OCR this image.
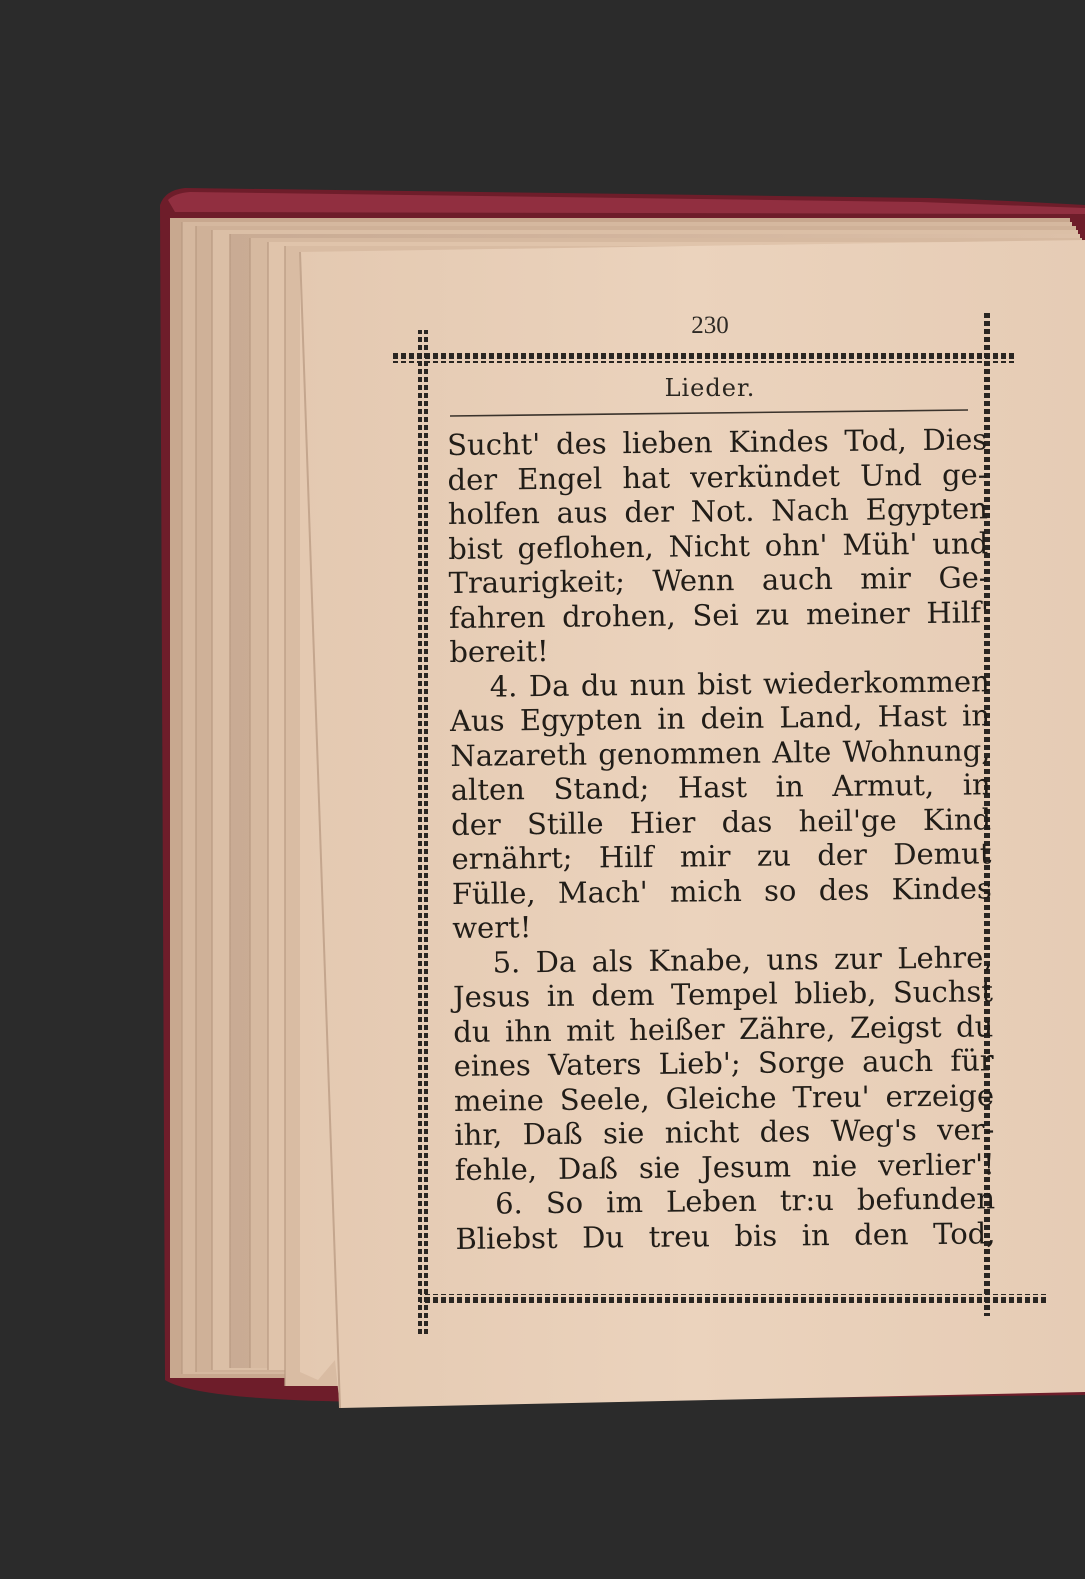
230
Lieder.
Sucht' des lieben Kindes Tod, Dies
der Engel hat verkündet Und ge-
holfen aus der Not. Nach Egypten
bist geflohen, Nicht ohn' Müh' und
Traurigkeit; Wenn auch mir Ge-
fahren drohen, Sei zu meiner Hilf'
bereit!
4. Da du nun bist wiederkommen
Aus Egypten in dein Land, Hast in
Nazareth genommen Alte Wohnung,
alten Stand; Hast in Armut, in
der Stille Hier das heil'ge Kind
ernährt; Hilf mir zu der Demut
Fülle, Mach' mich so des Kindes
wert!
5. Da als Knabe, uns zur Lehre,
Jesus in dem Tempel blieb, Suchst
du ihn mit heißer Zähre, Zeigst du
eines Vaters Lieb'; Sorge auch für
meine Seele, Gleiche Treu' erzeige
ihr, Daß sie nicht des Weg's ver-
fehle, Daß sie Jesum nie verlier'!
6. So im Leben tr:u befunden
Bliebst Du treu bis in den Tod,
